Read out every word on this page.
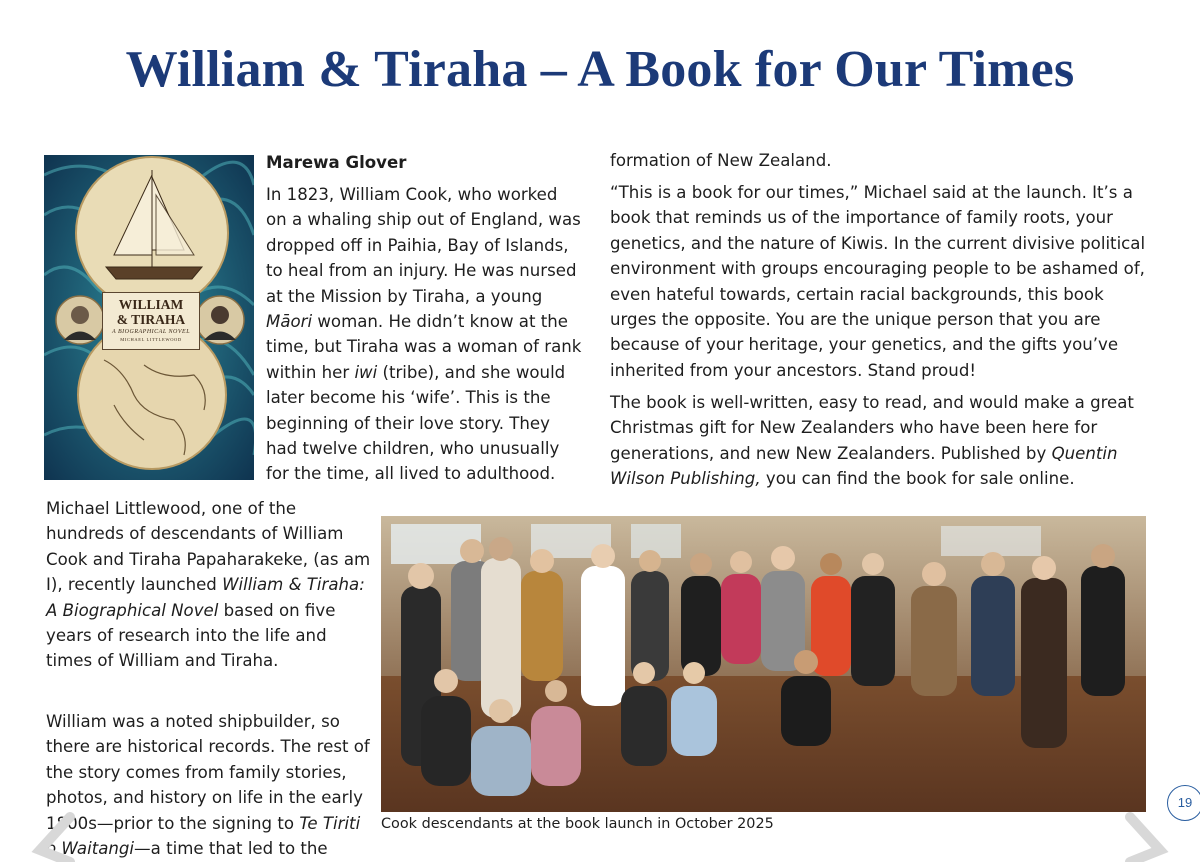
William & Tiraha – A Book for Our Times
WILLIAM
& TIRAHA
A BIOGRAPHICAL NOVEL
MICHAEL LITTLEWOOD

Marewa Glover

In 1823, William Cook, who worked on a whaling ship out of England, was dropped off in Paihia, Bay of Islands, to heal from an injury. He was nursed at the Mission by Tiraha, a young Māori woman. He didn’t know at the time, but Tiraha was a woman of rank within her iwi (tribe), and she would later become his ‘wife’. This is the beginning of their love story. They had twelve children, who unusually for the time, all lived to adulthood.

Michael Littlewood, one of the hundreds of descendants of William Cook and Tiraha Papaharakeke, (as am I), recently launched William & Tiraha: A Biographical Novel based on five years of research into the life and times of William and Tiraha.

William was a noted shipbuilder, so there are historical records. The rest of the story comes from family stories, photos, and history on life in the early 1800s—prior to the signing to Te Tiriti o Waitangi—a time that led to the

formation of New Zealand.

“This is a book for our times,” Michael said at the launch. It’s a book that reminds us of the importance of family roots, your genetics, and the nature of Kiwis. In the current divisive political environment with groups encouraging people to be ashamed of, even hateful towards, certain racial backgrounds, this book urges the opposite. You are the unique person that you are because of your heritage, your genetics, and the gifts you’ve inherited from your ancestors. Stand proud!

The book is well-written, easy to read, and would make a great Christmas gift for New Zealanders who have been here for generations, and new New Zealanders. Published by Quentin Wilson Publishing, you can find the book for sale online.

Cook descendants at the book launch in October 2025
19
